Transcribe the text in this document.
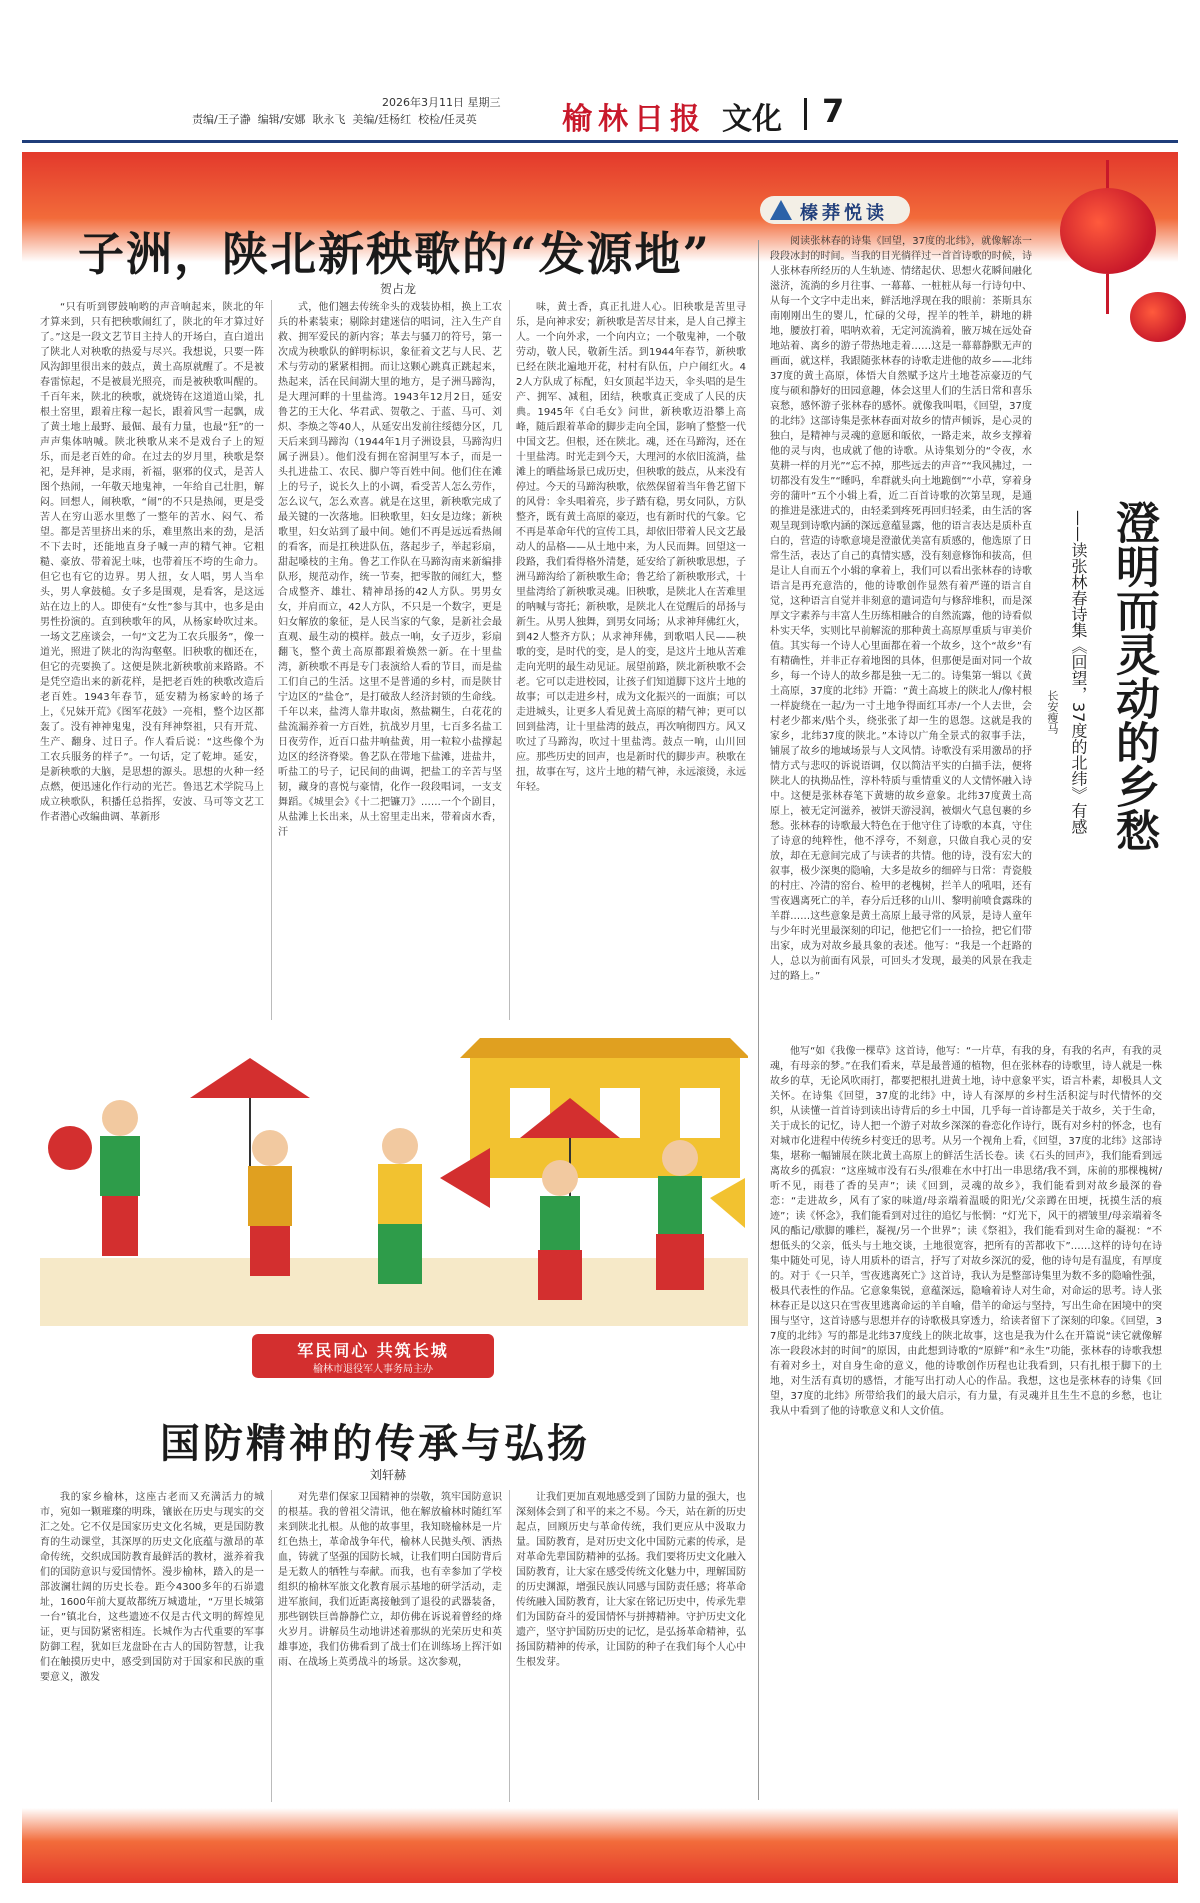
2026年3月11日 星期三
责编/王子瀞  编辑/安娜  耿永飞  美编/廷杨红  校检/任灵英	榆林日报 文化 7
子洲，陕北新秧歌的“发源地”
贺占龙
“只有听到锣鼓响哟的声音响起来，陕北的年才算来到，只有把秧歌闹红了，陕北的年才算过好了。”这是一段文艺节目主持人的开场白，直白道出了陕北人对秧歌的热爱与尽兴。我想说，只要一阵风沟卸里很出来的鼓点，黄土高原就醒了。不是被春雷惊起，不是被晨光照亮，而是被秧歌叫醒的。千百年来，陕北的秧歌，就烧铸在这道道山梁，扎根土窑里，跟着庄稼一起长，跟着风雪一起飘，成了黄土地上最野、最倔、最有力量，也最“狂”的一声声集体呐喊。陕北秧歌从来不是戏台子上的短乐，而是老百姓的命。在过去的岁月里，秧歌是祭祀，是拜神，是求雨，祈福，驱邪的仪式，是苦人图个热闹，一年敬天地鬼神，一年给自己壮胆，解闷。回想人，闹秧歌，“闹”的不只是热闹，更是受苦人在穷山恶水里憋了一整年的苦水、闷气、希望。都是苦里挤出来的乐，难里熬出来的劲，是活不下去时，还能地直身子喊一声的精气神。它粗糙、豪放、带着泥土味，也带着压不垮的生命力。但它也有它的边界。男人扭，女人唱，男人当牟头，男人拿鼓槌。女子多是围观，是看客，是这远站在边上的人。即使有“女性”参与其中，也多是由男性扮演的。直到秧歌年的风，从杨家岭吹过来。一场文艺座谈会，一句“文艺为工农兵服务”，像一道光，照进了陕北的沟沟壑壑。旧秧歌的枷还在，但它的壳要换了。这便是陕北新秧歌前来路路。不是凭空造出来的新花样，是把老百姓的秧歌改造后老百姓。1943年春节，延安精为杨家岭的场子上，《兄妹开荒》《图军花鼓》一亮相，整个边区都轰了。没有神神鬼鬼，没有拜神祭祖，只有开荒、生产、翻身、过日子。作人看后说：“这些像个为工农兵服务的样子”。一句话，定了乾坤。延安，是新秧歌的大脑，是思想的源头。思想的火种一经点燃，便迅速化作行动的光芒。鲁迅艺术学院马上成立秧歌队，积播任总指挥，安波、马可等文艺工作者潜心改编曲调、革新形
式，他们翘去传统伞头的戏装协相，换上工农兵的朴素装束；剔除封建迷信的唱词，注入生产自救、拥军爱民的新内容；革去与骚刀的符号，第一次成为秧歌队的鲜明标识，象征着文艺与人民、艺术与劳动的紧紧相拥。而让这颗心跳真正跳起来，热起来，活在民间湖大里的地方，是子洲马蹄沟，是大理河畔的十里盐湾。1943年12月2日，延安鲁艺的王大化、华君武、贺敬之、于蓝、马可、刘炽、李焕之等40人，从延安出发前往绥德分区，几天后来到马蹄沟（1944年1月子洲设县，马蹄沟归属子洲县）。他们没有拥在窑洞里写本子，而是一头扎进盐工、农民、脚户等百姓中间。他们住在滩上的号子，说长久上的小调，看受苦人怎么劳作，怎么议气，怎么欢喜。就是在这里，新秧歌完成了最关键的一次落地。旧秧歌里，妇女是边缘；新秧歌里，妇女站到了最中间。她们不再是远远看热闹的看客，而是扛秧进队伍，落起步子，举起彩扇，甜起嗓枝的主角。鲁艺工作队在马蹄沟南来新编排队形，规范动作，统一节奏，把零散的闹红大，整合成整齐、雄壮、精神昂扬的42人方队。男男女女，并肩而立，42人方队，不只是一个数字，更是妇女解放的象征，是人民当家的气象，是新社会最直观、最生动的模样。鼓点一响，女子迈步，彩扇翻飞，整个黄土高原都跟着焕然一新。在十里盐湾，新秧歌不再是专门表演给人看的节目，而是盐工们自己的生活。这里不是普通的乡村，而是陕甘宁边区的“盐仓”，是打破敌人经济封锁的生命线。千年以来，盐湾人靠井取卤，熬盐糊生，白花花的盐流漏养着一方百姓，抗战岁月里，七百多名盐工日夜劳作，近百口盐井响盐黄，用一粒粒小盐撑起边区的经济脊梁。鲁艺队在带地下盐滩，进盐井，听盐工的号子，记民间的曲调，把盐工的辛苦与坚韧，藏身的喜悦与豪情，化作一段段唱词，一支支舞蹈。《城里会》《十二把镰刀》……一个个剧目，从盐滩上长出来，从土窑里走出来，带着卤水香，汗
味，黄土香，真正扎进人心。旧秧歌是苦里寻乐，是向神求安；新秧歌是苦尽甘来，是人自己撑主人。一个向外求，一个向内立；一个敬鬼神，一个敬劳动，敬人民，敬新生活。到1944年春节，新秧歌已经在陕北遍地开花，村村有队伍，户户闹红火。42人方队成了标配，妇女顶起半边天，伞头唱的是生产、拥军、减租，团结，秧歌真正变成了人民的庆典。1945年《白毛女》问世，新秧歌迈沿攀上高峰，随后跟着革命的脚步走向全国，影响了整整一代中国文艺。但根，还在陕北。魂，还在马蹄沟，还在十里盐湾。时光走到今天，大理河的水依旧流淌，盐滩上的晒盐场景已成历史，但秧歌的鼓点，从来没有停过。今天的马蹄沟秧歌，依然保留着当年鲁艺留下的风骨：伞头唱着亮，步子踏有稳，男女同队，方队整齐，既有黄土高原的豪迈，也有新时代的气象。它不再是革命年代的宣传工具，却依旧带着人民文艺最动人的品格——从土地中来，为人民而舞。回望这一段路，我们看得格外清楚，延安给了新秧歌思想，子洲马蹄沟给了新秧歌生命；鲁艺给了新秧歌形式，十里盐湾给了新秧歌灵魂。旧秧歌，是陕北人在苦难里的呐喊与寄托；新秧歌，是陕北人在觉醒后的昂扬与新生。从男人独舞，到男女同场；从求神拜佛红火，到42人整齐方队；从求神拜佛，到歌唱人民——秧歌的变，是时代的变，是人的变，是这片土地从苦难走向光明的最生动见证。展望前路，陕北新秧歌不会老。它可以走进校园，让孩子们知道脚下这片土地的故事；可以走进乡村，成为文化振兴的一面旗；可以走进城头，让更多人看见黄土高原的精气神；更可以回到盐湾，让十里盐湾的鼓点，再次响彻四方。风又吹过了马蹄沟，吹过十里盐湾。鼓点一响，山川回应。那些历史的回声，也是新时代的脚步声。秧歌在扭，故事在写，这片土地的精气神，永远滚烫，永远年轻。
榛莽悦读
澄明而灵动的乡愁
——读张林春诗集《回望，37度的北纬》有感
长安瘦马
阅读张林春的诗集《回望，37度的北纬》，就像解冻一段段冰封的时间。当我的目光徜徉过一首首诗歌的时候，诗人张林春所经历的人生轨迹、情绪起伏、思想火花瞬间融化滋济，流淌的乡月往事、一幕幕、一桩桩从每一行诗句中、从每一个文字中走出来，鲜活地浮现在我的眼前：茶斯具东南刚刚出生的婴儿，忙碌的父母，捏羊的牲羊，耕地的耕地，腰放打着，唱呐欢着，无定河流淌着，腋万城在远处奋地站着、离乡的游子带热地走着……这是一幕幕静默无声的画面，就这样，我跟随张林春的诗歌走进他的故乡——北纬37度的黄土高原，体悟大自然赋予这片土地苍凉豪迈的气度与硕和静好的田园意趣，体会这里人们的生活日常和喜乐哀愁，感怀游子张林春的感怀。就像我叫唱，《回望，37度的北纬》这部诗集是张林春面对故乡的情声倾诉，是心灵的独白，是精神与灵魂的意愿和皈依，一路走来，故乡支撑着他的灵与肉，也成就了他的诗歌。从诗集划分的“令夜，水莫耕一样的月光”“忘不掉，那些远去的声音”“我风拂过，一切都没有发生”“睡吗，牟群就头向土地跪倒”“小草，穿着身旁的蒲叶”五个小辑上看，近二百首诗歌的次第呈现，是通的推进是涨进式的，由轻柔到疼死再回归轻柔，由生活的客观呈现到诗歌内涵的深远意蕴显露，他的语言表达是质朴直白的，营造的诗歌意境是澄澈优美富有质感的，他选原了日常生活，表达了自己的真情实感，没有刻意修饰和拔高，但是让人自而五个小辑的拿着上，我们可以看出张林春的诗歌语言是再充意浩的，他的诗歌创作显然有着严谨的语言自觉，这种语言自觉并非刻意的遣词造句与修辞堆积，而是深厚文字素养与丰富人生历练相融合的自然流露，他的诗看似朴实天华，实则比早前解流的那种黄土高原厚重质与审美价值。其实每一个诗人心里面都在着一个故乡，这个“故乡”有有精确性，并非正存着地图的具体，但那便是面对同一个故乡，每一个诗人的故乡都是独一无二的。诗集第一辑以《黄土高原，37度的北纬》开篇：“黄土高坡上的陕北人/像村根一样旋绕在一起/为一寸土地争得面红耳赤/一个人去世，会村老少都来/贴个头，绕张张了却一生的恩怨。这就是我的家乡，北纬37度的陕北。”本诗以广角全景式的叙事手法，铺展了故乡的地域场景与人文风情。诗歌没有采用激昂的抒情方式与悲叹的诉说语调，仅以简洁平实的白描手法，便将陕北人的执拗品性，淳朴特质与重情重义的人文情怀融入诗中。这便是张林春笔下黄塘的故乡意象。北纬37度黄土高原上，被无定河滋养，被饼天游浸润，被烟火气息包裹的乡愁。张林春的诗歌最大特色在于他守住了诗歌的本真，守住了诗意的纯粹性，他不浮夸，不刻意，只做自我心灵的安放，却在无意间完成了与读者的共情。他的诗，没有宏大的叙事，极少深奥的隐喻，大多是故乡的细碎与日常：青瓷般的村庄、冷清的窑台、检甲的老槐树，拦羊人的吼唱，还有雪夜遇离死亡的羊，春分后迁移的山川、黎明前喷食露珠的羊群……这些意象是黄土高原上最寻常的风景，是诗人童年与少年时光里最深刻的印记，他把它们一一拾捡，把它们带出家，成为对故乡最具象的表述。他写：“我是一个赶路的人，总以为前面有风景，可回头才发现，最美的风景在我走过的路上。”
他写“如《我像一棵草》这首诗，他写：“一片草，有我的身，有我的名声，有我的灵魂，有母亲的梦。”在我们看来，草是最普通的植物，但在张林春的诗歌里，诗人就是一株故乡的草，无论风吹雨打，都要把根扎进黄土地，诗中意象平实，语言朴素，却极具人文关怀。在诗集《回望，37度的北纬》中，诗人有深厚的乡村生活积淀与时代情怀的交织，从读懂一首首诗到读出诗背后的乡土中国，几乎每一首诗都是关于故乡，关于生命，关于成长的记忆，诗人把一个游子对故乡深深的眷恋化作诗行，既有对乡村的怀念，也有对城市化进程中传统乡村变迁的思考。从另一个视角上看，《回望，37度的北纬》这部诗集，堪称一幅铺展在陕北黄土高原上的鲜活生活长卷。读《石头的回声》，我们能看到远离故乡的孤寂：“这座城市没有石头/很难在水中打出一串思绪/我不到，床前的那棵槐树/听不见，雨巷了香的吴声”；读《回到，灵魂的故乡》，我们能看到对故乡最深的眷恋：“走进故乡，风有了家的味道/母亲端着温暖的阳光/父亲蹲在田埂，抚摸生活的痕迹”；读《怀念》，我们能看到对过往的追忆与怅惘：“灯光下，风干的褶皱里/母亲端着冬风的酯记/歇脚的雕栏，凝视/另一个世界”；读《祭祖》，我们能看到对生命的凝视：“不想低头的父亲，低头与土地交谈，土地很宽容，把所有的苦都收下”……这样的诗句在诗集中随处可见，诗人用质朴的语言，抒写了对故乡深沉的爱，他的诗句是有温度，有厚度的。对于《一只羊，雪夜逃离死亡》这首诗，我认为是整部诗集里为数不多的隐喻性强，极具代表性的作品。它意象集锐，意蕴深远，隐喻着诗人对生命，对命运的思考。诗人张林春正是以这只在雪夜里逃离命运的羊自喻，借羊的命运与坚持，写出生命在困境中的突围与坚守，这首诗感与思想并存的诗歌极具穿透力，给读者留下了深刻的印象。《回望，37度的北纬》写的都是北纬37度线上的陕北故事，这也是我为什么在开篇说“读它就像解冻一段段冰封的时间”的原因，由此想到诗歌的“原鲜”和“永生”功能，张林春的诗歌我想有着对乡土，对自身生命的意义，他的诗歌创作历程也让我看到，只有扎根于脚下的土地，对生活有真切的感悟，才能写出打动人心的作品。我想，这也是张林春的诗集《回望，37度的北纬》所带给我们的最大启示，有力量，有灵魂并且生生不息的乡愁，也让我从中看到了他的诗歌意义和人文价值。
军民同心 共筑长城
榆林市退役军人事务局主办
国防精神的传承与弘扬
刘轩赫
我的家乡榆林，这座古老而又充满活力的城市，宛如一颗璀璨的明珠，镶嵌在历史与现实的交汇之处。它不仅是国家历史文化名城，更是国防教育的生动课堂，其深厚的历史文化底蕴与激昂的革命传统，交织成国防教育最鲜活的教材，滋养着我们的国防意识与爱国情怀。漫步榆林，踏入的是一部波澜壮阔的历史长卷。距今4300多年的石峁遗址，1600年前大夏故都统万城遗址，“万里长城第一台”镇北台，这些遗迹不仅是古代文明的辉煌见证，更与国防紧密相连。长城作为古代重要的军事防御工程，犹如巨龙盘卧在古人的国防智慧，让我们在触摸历史中，感受到国防对于国家和民族的重要意义，激发
对先辈们保家卫国精神的崇敬，筑牢国防意识的根基。我的曾祖父清讯，他在解放榆林时随红军来到陕北扎根。从他的故事里，我知晓榆林是一片红色热土，革命战争年代，榆林人民抛头颅、洒热血，铸就了坚强的国防长城，让我们明白国防背后是无数人的牺牲与奉献。而我，也有幸参加了学校组织的榆林军旅文化教育展示基地的研学活动，走进军旅间，我们近距离接触到了退役的武器装备，那些钢铁巨兽静静伫立，却仿佛在诉说着曾经的烽火岁月。讲解员生动地讲述着那纵的光荣历史和英雄事迹，我们仿佛看到了战士们在训练场上挥汗如雨、在战场上英勇战斗的场景。这次参观，
让我们更加直观地感受到了国防力量的强大，也深刻体会到了和平的来之不易。今天，站在新的历史起点，回顾历史与革命传统，我们更应从中汲取力量。国防教育，是对历史文化中国防元素的传承，是对革命先辈国防精神的弘扬。我们要将历史文化融入国防教育，让大家在感受传统文化魅力中，理解国防的历史渊源，增强民族认同感与国防责任感；将革命传统融入国防教育，让大家在铭记历史中，传承先辈们为国防奋斗的爱国情怀与拼搏精神。守护历史文化遗产，坚守护国防历史的记忆，是弘扬革命精神，弘扬国防精神的传承，让国防的种子在我们每个人心中生根发芽。
